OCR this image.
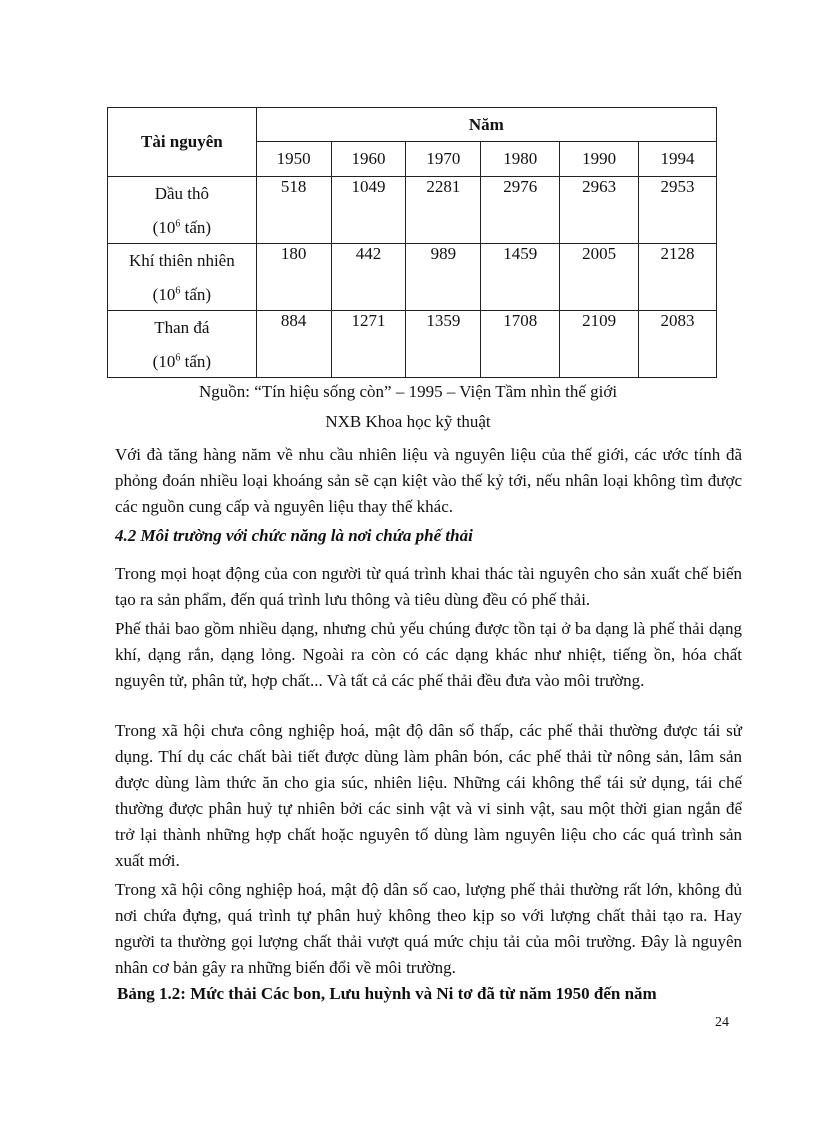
Tài nguyên	Năm					
	1950	1960	1970	1980	1990	1994
Dầu thô
($10^6$ tấn)	518	1049	2281	2976	2963	2953
Khí thiên nhiên
($10^6$ tấn)	180	442	989	1459	2005	2128
Than đá
($10^6$ tấn)	884	1271	1359	1708	2109	2083
Nguồn: “Tín hiệu sống còn” – 1995 – Viện Tầm nhìn thế giới
NXB Khoa học kỹ thuật

Với đà tăng hàng năm về nhu cầu nhiên liệu và nguyên liệu của thế giới, các ước tính đã phỏng đoán nhiều loại khoáng sản sẽ cạn kiệt vào thế kỷ tới, nếu nhân loại không tìm được các nguồn cung cấp và nguyên liệu thay thế khác.

4.2 Môi trường với chức năng là nơi chứa phế thải

Trong mọi hoạt động của con người từ quá trình khai thác tài nguyên cho sản xuất chế biến tạo ra sản phẩm, đến quá trình lưu thông và tiêu dùng đều có phế thải.

Phế thải bao gồm nhiều dạng, nhưng chủ yếu chúng được tồn tại ở ba dạng là phế thải dạng khí, dạng rắn, dạng lỏng. Ngoài ra còn có các dạng khác như nhiệt, tiếng ồn, hóa chất nguyên tử, phân tử, hợp chất... Và tất cả các phế thải đều đưa vào môi trường.

Trong xã hội chưa công nghiệp hoá, mật độ dân số thấp, các phế thải thường được tái sử dụng. Thí dụ các chất bài tiết được dùng làm phân bón, các phế thải từ nông sản, lâm sản được dùng làm thức ăn cho gia súc, nhiên liệu. Những cái không thể tái sử dụng, tái chế thường được phân huỷ tự nhiên bởi các sinh vật và vi sinh vật, sau một thời gian ngắn để trở lại thành những hợp chất hoặc nguyên tố dùng làm nguyên liệu cho các quá trình sản xuất mới.

Trong xã hội công nghiệp hoá, mật độ dân số cao, lượng phế thải thường rất lớn, không đủ nơi chứa đựng, quá trình tự phân huỷ không theo kịp so với lượng chất thải tạo ra. Hay người ta thường gọi lượng chất thải vượt quá mức chịu tải của môi trường. Đây là nguyên nhân cơ bản gây ra những biến đổi về môi trường.

Bảng 1.2: Mức thải Các bon, Lưu huỳnh và Ni tơ đã từ năm 1950 đến năm

24
